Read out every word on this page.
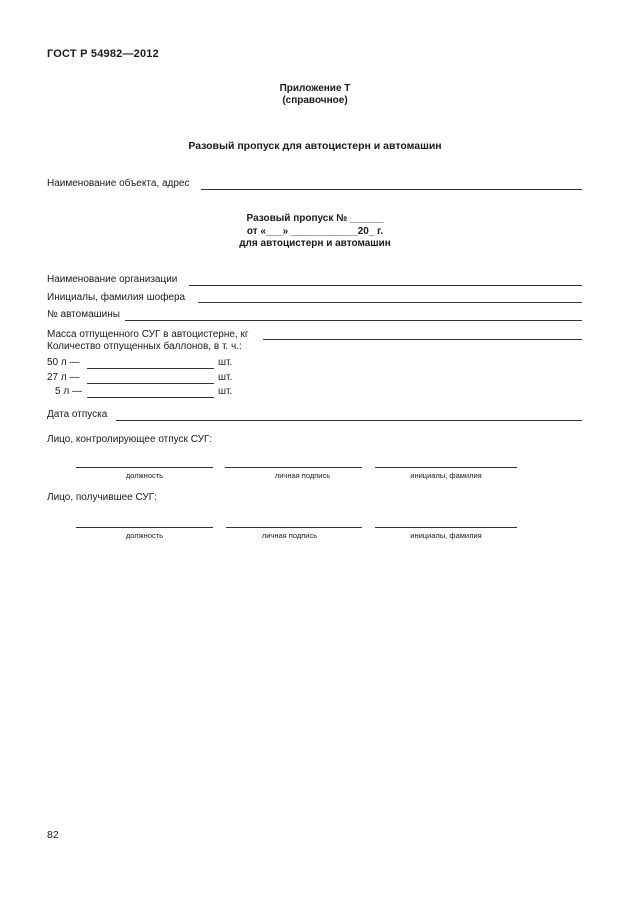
ГОСТ Р 54982—2012
Приложение Т
(справочное)
Разовый пропуск для автоцистерн и автомашин
Наименование объекта, адрес
Разовый пропуск № ______
от «___» ____________20_ г.
для автоцистерн и автомашин
Наименование организации
Инициалы, фамилия шофера
№ автомашины
Масса отпущенного СУГ в автоцистерне, кг
Количество отпущенных баллонов, в т. ч.:
50 л —	шт.
27 л —	шт.
5 л —	шт.
Дата отпуска
Лицо, контролирующее отпуск СУГ:
должность	личная подпись	инициалы, фамилия
Лицо, получившее СУГ:
должность	личная подпись	инициалы, фамилия
82
